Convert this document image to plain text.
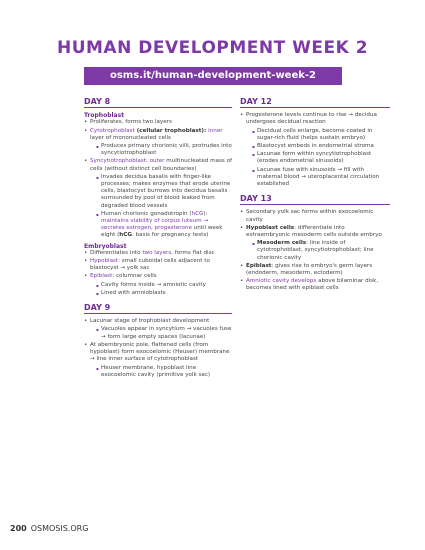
HUMAN DEVELOPMENT WEEK 2
osms.it/human-development-week-2
DAY 8
Trophoblast
• Proliferates, forms two layers
• Cytotrophoblast (cellular trophoblast): inner layer of mononucleated cells
▪ Produces primary chorionic villi, protrudes into syncytiotrophoblast
• Syncytiotrophoblast: outer multinucleated mass of cells (without distinct cell boundaries)
▪ Invades decidua basalis with finger-like processes; makes enzymes that erode uterine cells, blastocyst burrows into decidua basalis surrounded by pool of blood leaked from degraded blood vessels
▪ Human chorionic gonadotropin (hCG): maintains viability of corpus luteum → secretes estrogen, progesterone until week eight (hCG: basis for pregnancy tests)
Embryoblast
• Differentiates into two layers, forms flat disc
• Hypoblast: small cuboidal cells adjacent to blastocyst → yolk sac
• Epiblast: columnar cells
▪ Cavity forms inside → amniotic cavity
▪ Lined with amnioblasts
DAY 9
• Lacunar stage of trophoblast development
▪ Vacuoles appear in syncytium → vacuoles fuse → form large empty spaces (lacunae)
• At abembryonic pole, flattened cells (from hypoblast) form exocoelomic (Heuser) membrane → line inner surface of cytotrophoblast
▪ Heuser membrane, hypoblast line exocoelomic cavity (primitive yolk sac)
DAY 12
• Progesterone levels continue to rise → decidua undergoes decidual reaction
▪ Decidual cells enlarge, become coated in sugar-rich fluid (helps sustain embryo)
▪ Blastocyst embeds in endometrial stroma
▪ Lacunae form within syncytiotrophoblast (erodes endometrial sinusoids)
▪ Lacunae fuse with sinusoids → fill with maternal blood → uteroplacental circulation established
DAY 13
• Secondary yolk sac forms within exocoelomic cavity
• Hypoblast cells: differentiate into extraembryonic mesoderm cells outside embryo
▪ Mesoderm cells: line inside of cytotrophoblast, syncytiotrophoblast; line chorionic cavity
• Epiblast: gives rise to embryo's germ layers (endoderm, mesoderm, ectoderm)
• Amniotic cavity develops above bilaminar disk, becomes lined with epiblast cells
200 OSMOSIS.ORG
